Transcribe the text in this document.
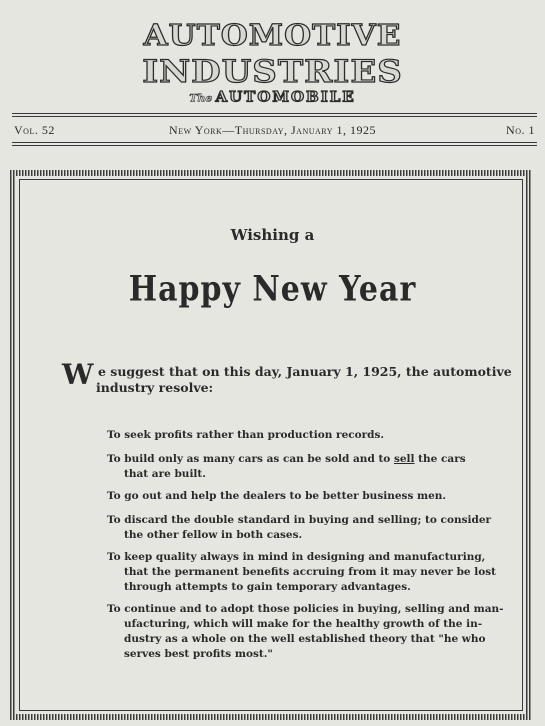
AUTOMOTIVE
INDUSTRIES
The AUTOMOBILE
Vol. 52	New York—Thursday, January 1, 1925	No. 1
Wishing a
Happy New Year
W e suggest that on this day, January 1, 1925, the automotive
industry resolve:
To seek profits rather than production records.
To build only as many cars as can be sold and to sell the cars
that are built.
To go out and help the dealers to be better business men.
To discard the double standard in buying and selling; to consider
the other fellow in both cases.
To keep quality always in mind in designing and manufacturing,
that the permanent benefits accruing from it may never be lost
through attempts to gain temporary advantages.
To continue and to adopt those policies in buying, selling and man-
ufacturing, which will make for the healthy growth of the in-
dustry as a whole on the well established theory that "he who
serves best profits most."
